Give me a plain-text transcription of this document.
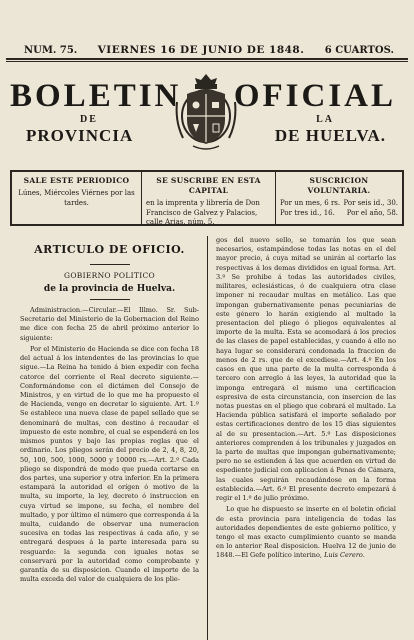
NUM. 75. VIERNES 16 DE JUNIO DE 1848. 6 CUARTOS.
BOLETIN OFICIAL
DE	LA
PROVINCIA	DE HUELVA.
SALE ESTE PERIODICO
Lúnes, Miércoles Viérnes por las tardes.
SE SUSCRIBE EN ESTA CAPITAL
en la imprenta y librería de Don Francisco de Galvez y Palacios, calle Arias, núm. 5.
SUSCRICION VOLUNTARIA.
Por un mes, 6 rs. Por seis id., 30.
Por tres id., 16. Por el año, 58.
ARTICULO DE OFICIO.
GOBIERNO POLITICO
de la provincia de Huelva.

Administracion.—Circular.—El Illmo. Sr. Sub-Secretario del Ministerio de la Gobernacion del Reino me dice con fecha 25 de abril próximo anterior lo siguiente:

Por el Ministerio de Hacienda se dice con fecha 18 del actual á los intendentes de las provincias lo que sigue.—La Reina ha tenido á bien expedir con fecha catorce del corriente el Real decreto siguiente.—Conformándome con el dictámen del Consejo de Ministros, y en virtud de lo que me ha propuesto el de Hacienda, vengo en decretar lo siguiente. Art. 1.º Se establece una nueva clase de papel sellado que se denominará de multas, con destino á recaudar el impuesto de este nombre, el cual se espenderá en los mismos puntos y bajo las propias reglas que el ordinario. Los pliegos serán del precio de 2, 4, 8, 20, 50, 100, 500, 1000, 5000 y 10000 rs.—Art. 2.º Cada pliego se dispondrá de modo que pueda cortarse en dos partes, una superior y otra inferior. En la primera estampará la autoridad el orígen ó motivo de la multa, su importe, la ley, decreto ó instruccion en cuya virtud se impone, su fecha, el nombre del multado, y por último el número que corresponda á la multa, cuidando de observar una numeracion sucesiva en todas las respectivas á cada año, y se entregará despues á la parte interesada para su resguardo: la segunda con iguales notas se conservará por la autoridad como comprobante y garantía de su disposicion. Cuando el importe de la multa exceda del valor de cualquiera de los plie-

gos del nuevo sello, se tomarán los que sean necesarios, estampándose todas las notas en el del mayor precio, á cuya mitad se unirán al cortarlo las respectivas á los demas divididos en igual forma. Art. 3.º Se prohibe á todas las autoridades civiles, militares, eclesiásticas, ó de cualquiera otra clase imponer ni recaudar multas en metálico. Las que impongan gubernativamente penas pecuniarias de este género lo harán exigiendo al multado la presentacion del pliego ó pliegos equivalentes al importe de la multa. Esta se acomodará á los precios de las clases de papel establecidas, y cuando á ello no haya lugar se considerará condonada la fraccion de menos de 2 rs. que de el excediese.—Art. 4.º En los casos en que una parte de la multa corresponda á tercero con arreglo á las leyes, la autoridad que la imponga entregará el mismo una certificacion espresiva de esta circunstancia, con insercion de las notas puestas en el pliego que cobrará el multado. La Hacienda pública satisfará el importe señalado por estas certificaciones dentro de los 15 dias siguientes al de su presentacion.—Art. 5.º Las disposiciones anteriores comprenden á los tribunales y juzgados en la parte de multas que impongan gubernativamente; pero no se estienden á las que acuerden en virtud de espediente judicial con aplicacion á Penas de Cámara, las cuales seguirán recaudándose en la forma establecida.—Art. 6.º El presente decreto empezará á regir el 1.º de julio próximo.

Lo que he dispuesto se inserte en el boletin oficial de esta provincia para inteligencia de todas las autoridades dependientes de este gobierno político, y tengo el mas exacto cumplimiento cuanto se manda en lo anterior Real disposicion. Huelva 12 de junio de 1848.—El Gefe político interino, Luis Cerero.
